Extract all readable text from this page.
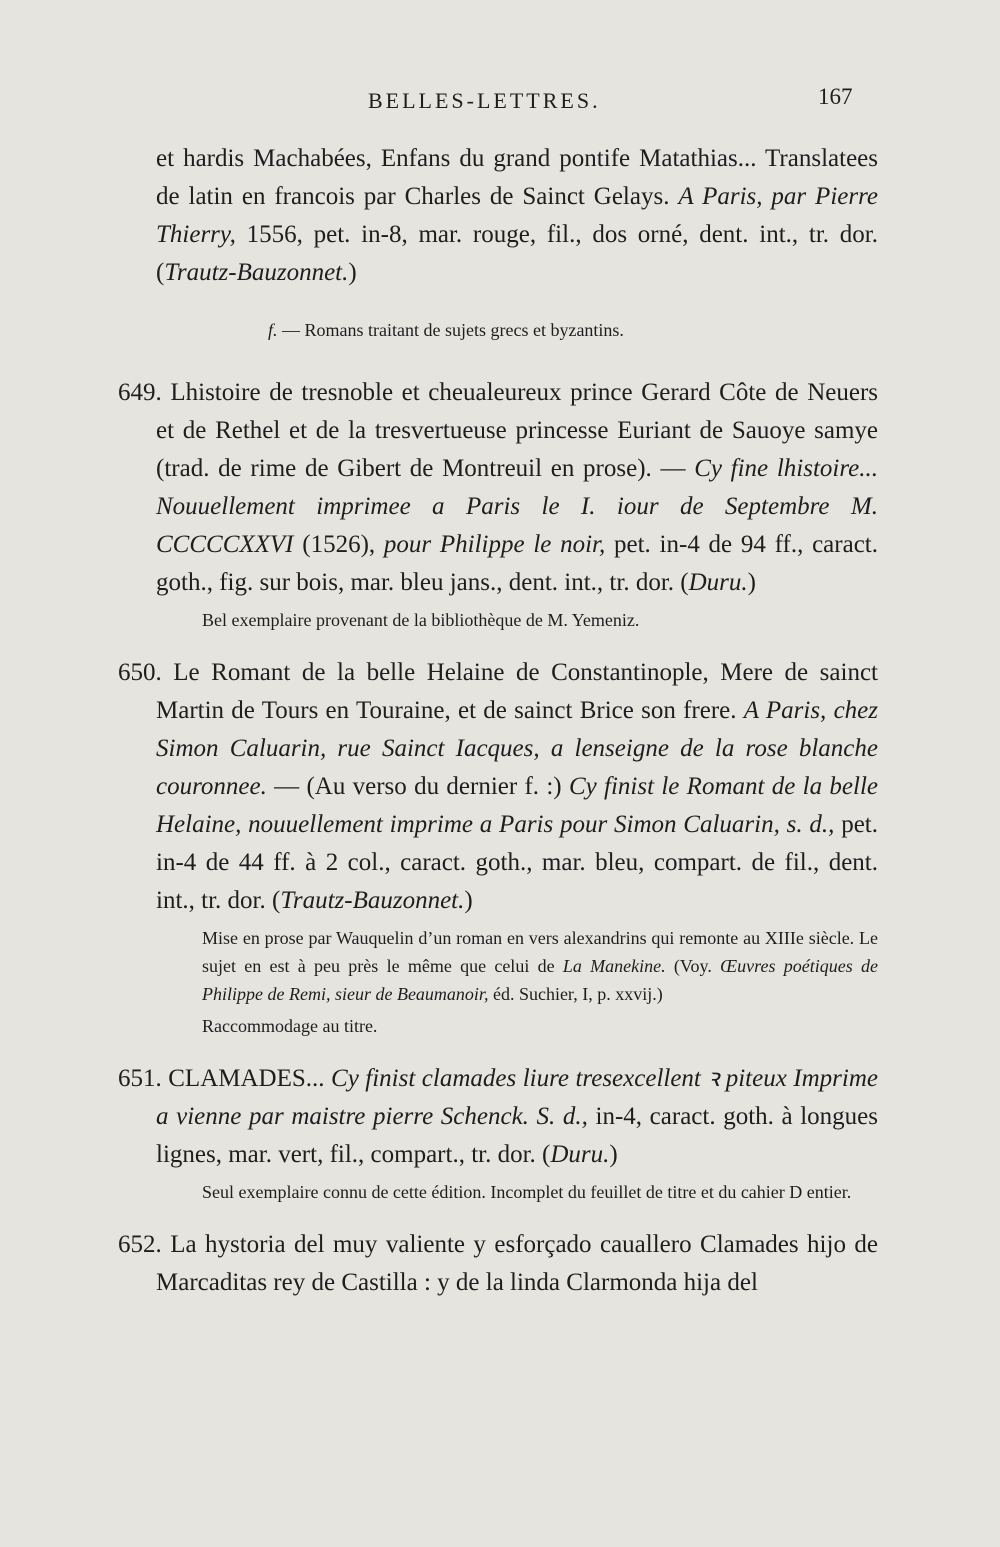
BELLES-LETTRES.	167

et hardis Machabées, Enfans du grand pontife Matathias... Translatees de latin en francois par Charles de Sainct Gelays. A Paris, par Pierre Thierry, 1556, pet. in-8, mar. rouge, fil., dos orné, dent. int., tr. dor. (Trautz-Bauzonnet.)

f. — Romans traitant de sujets grecs et byzantins.

649. Lhistoire de tresnoble et cheualeureux prince Gerard Côte de Neuers et de Rethel et de la tresvertueuse princesse Euriant de Sauoye samye (trad. de rime de Gibert de Montreuil en prose). — Cy fine lhistoire... Nouuellement imprimee a Paris le I. iour de Septembre M. CCCCCXXVI (1526), pour Philippe le noir, pet. in-4 de 94 ff., caract. goth., fig. sur bois, mar. bleu jans., dent. int., tr. dor. (Duru.)

Bel exemplaire provenant de la bibliothèque de M. Yemeniz.

650. Le Romant de la belle Helaine de Constantinople, Mere de sainct Martin de Tours en Touraine, et de sainct Brice son frere. A Paris, chez Simon Caluarin, rue Sainct Iacques, a lenseigne de la rose blanche couronnee. — (Au verso du dernier f. :) Cy finist le Romant de la belle Helaine, nouuellement imprime a Paris pour Simon Caluarin, s. d., pet. in-4 de 44 ff. à 2 col., caract. goth., mar. bleu, compart. de fil., dent. int., tr. dor. (Trautz-Bauzonnet.)

Mise en prose par Wauquelin d’un roman en vers alexandrins qui remonte au XIIIe siècle. Le sujet en est à peu près le même que celui de La Manekine. (Voy. Œuvres poétiques de Philippe de Remi, sieur de Beaumanoir, éd. Suchier, I, p. xxvij.)

Raccommodage au titre.

651. CLAMADES... Cy finist clamades liure tresexcellent ꝛ piteux Imprime a vienne par maistre pierre Schenck. S. d., in-4, caract. goth. à longues lignes, mar. vert, fil., compart., tr. dor. (Duru.)

Seul exemplaire connu de cette édition. Incomplet du feuillet de titre et du cahier D entier.

652. La hystoria del muy valiente y esforçado cauallero Clamades hijo de Marcaditas rey de Castilla : y de la linda Clarmonda hija del
